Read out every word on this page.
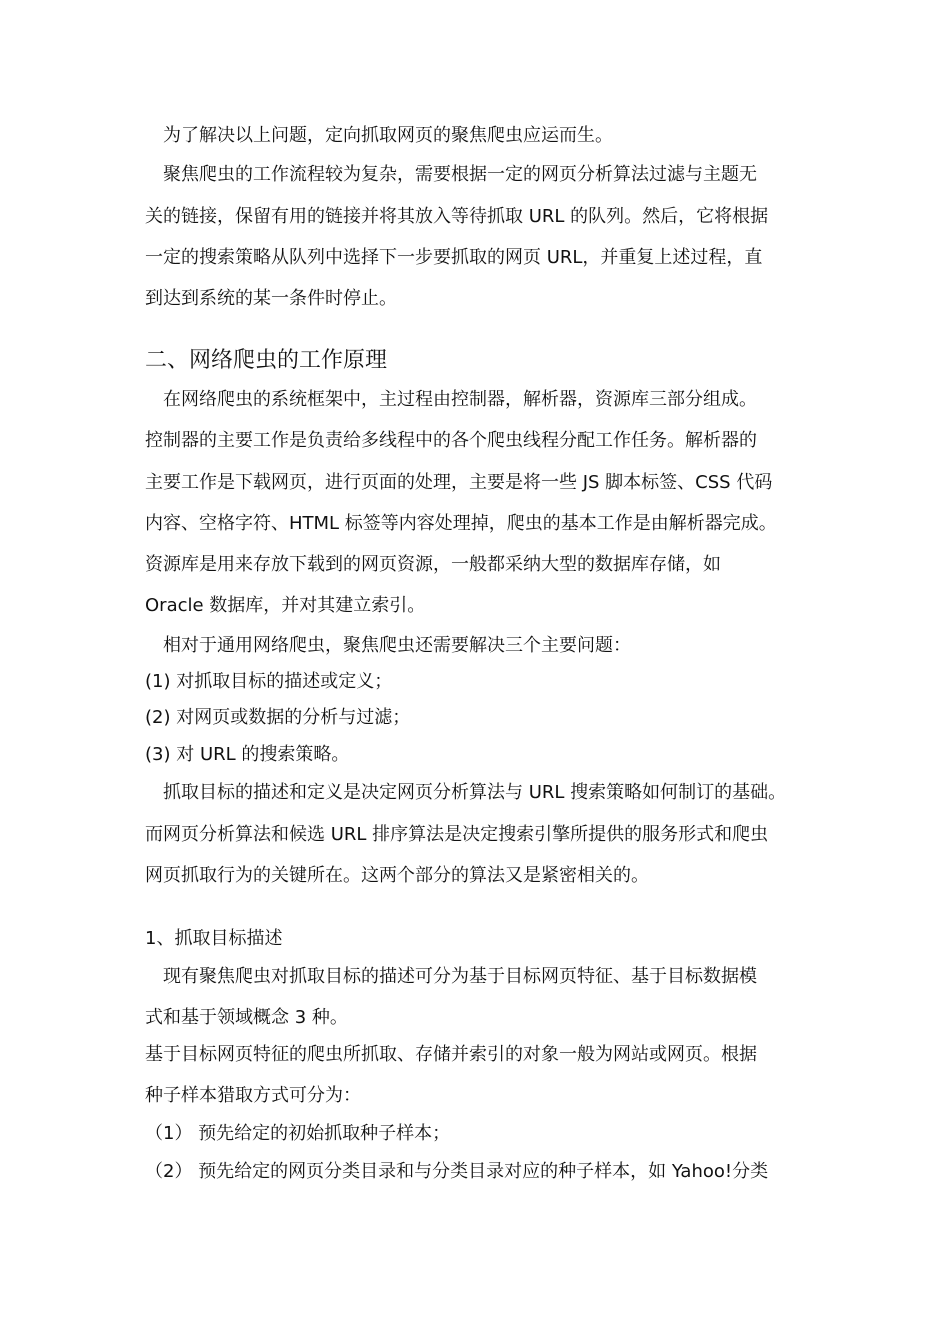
为了解决以上问题，定向抓取网页的聚焦爬虫应运而生。
聚焦爬虫的工作流程较为复杂，需要根据一定的网页分析算法过滤与主题无
关的链接，保留有用的链接并将其放入等待抓取 URL 的队列。然后，它将根据
一定的搜索策略从队列中选择下一步要抓取的网页 URL，并重复上述过程，直
到达到系统的某一条件时停止。
二、网络爬虫的工作原理
在网络爬虫的系统框架中，主过程由控制器，解析器，资源库三部分组成。
控制器的主要工作是负责给多线程中的各个爬虫线程分配工作任务。解析器的
主要工作是下载网页，进行页面的处理，主要是将一些 JS 脚本标签、CSS 代码
内容、空格字符、HTML 标签等内容处理掉，爬虫的基本工作是由解析器完成。
资源库是用来存放下载到的网页资源，一般都采纳大型的数据库存储，如
Oracle 数据库，并对其建立索引。
相对于通用网络爬虫，聚焦爬虫还需要解决三个主要问题：
(1) 对抓取目标的描述或定义；
(2) 对网页或数据的分析与过滤；
(3) 对 URL 的搜索策略。
抓取目标的描述和定义是决定网页分析算法与 URL 搜索策略如何制订的基础。
而网页分析算法和候选 URL 排序算法是决定搜索引擎所提供的服务形式和爬虫
网页抓取行为的关键所在。这两个部分的算法又是紧密相关的。
1、抓取目标描述
现有聚焦爬虫对抓取目标的描述可分为基于目标网页特征、基于目标数据模
式和基于领域概念 3 种。
基于目标网页特征的爬虫所抓取、存储并索引的对象一般为网站或网页。根据
种子样本猎取方式可分为：
（1） 预先给定的初始抓取种子样本；
（2） 预先给定的网页分类目录和与分类目录对应的种子样本，如 Yahoo!分类
